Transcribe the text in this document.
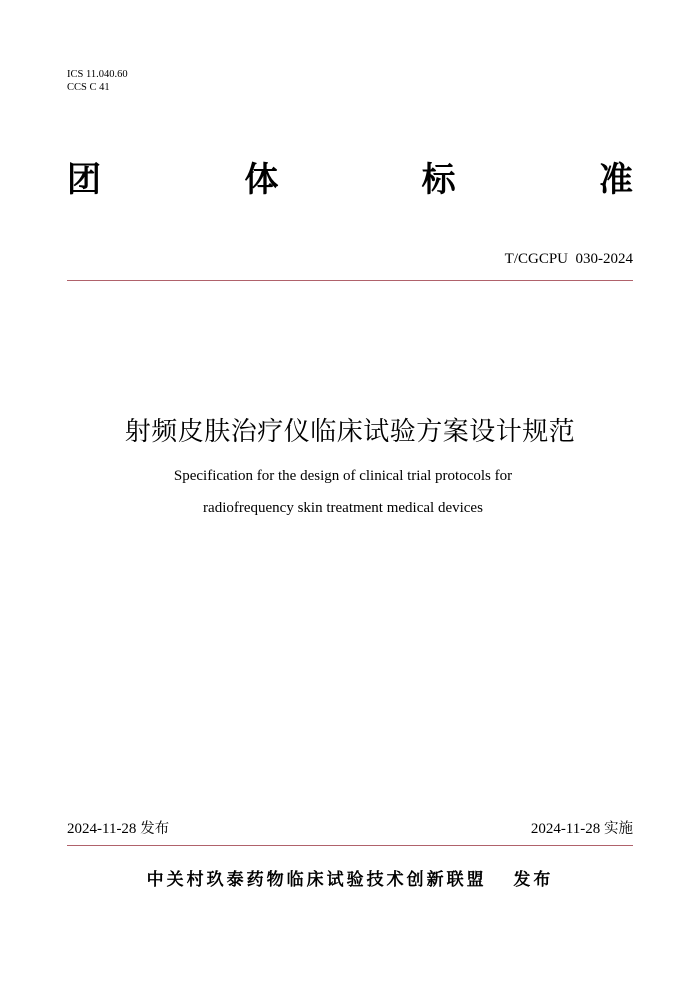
ICS 11.040.60
CCS C 41
团	体	标	准
T/CGCPU  030-2024
射频皮肤治疗仪临床试验方案设计规范
Specification for the design of clinical trial protocols for
radiofrequency skin treatment medical devices
2024-11-28 发布	2024-11-28 实施
中关村玖泰药物临床试验技术创新联盟 发布
